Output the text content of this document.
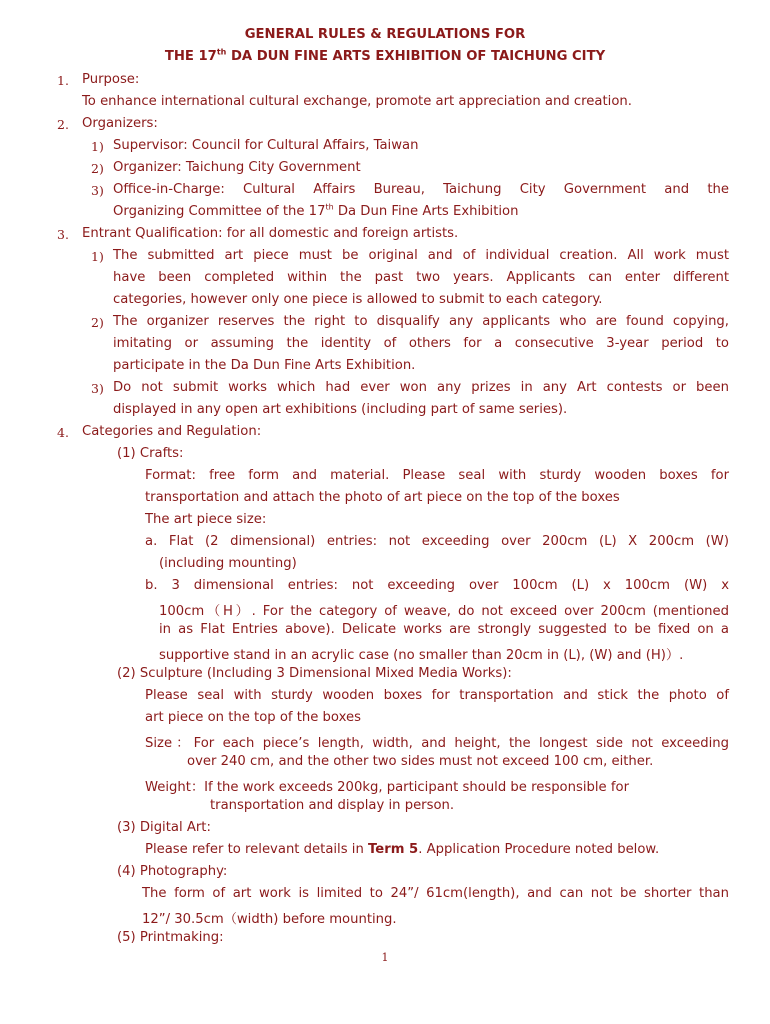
GENERAL RULES & REGULATIONS FOR
THE 17th DA DUN FINE ARTS EXHIBITION OF TAICHUNG CITY
1. Purpose:
To enhance international cultural exchange, promote art appreciation and creation.
2. Organizers:
1) Supervisor: Council for Cultural Affairs, Taiwan
2) Organizer: Taichung City Government
3) Office-in-Charge: Cultural Affairs Bureau, Taichung City Government and the
Organizing Committee of the 17th Da Dun Fine Arts Exhibition
3. Entrant Qualification: for all domestic and foreign artists.
1) The submitted art piece must be original and of individual creation. All work must
have been completed within the past two years. Applicants can enter different
categories, however only one piece is allowed to submit to each category.
2) The organizer reserves the right to disqualify any applicants who are found copying,
imitating or assuming the identity of others for a consecutive 3-year period to
participate in the Da Dun Fine Arts Exhibition.
3) Do not submit works which had ever won any prizes in any Art contests or been
displayed in any open art exhibitions (including part of same series).
4. Categories and Regulation:
(1) Crafts:
Format: free form and material. Please seal with sturdy wooden boxes for
transportation and attach the photo of art piece on the top of the boxes
The art piece size:
a. Flat (2 dimensional) entries: not exceeding over 200cm (L) X 200cm (W)
(including mounting)
b. 3 dimensional entries: not exceeding over 100cm (L) x 100cm (W) x
100cm（H）. For the category of weave, do not exceed over 200cm (mentioned
in as Flat Entries above). Delicate works are strongly suggested to be fixed on a
supportive stand in an acrylic case (no smaller than 20cm in (L), (W) and (H)）.
(2) Sculpture (Including 3 Dimensional Mixed Media Works):
Please seal with sturdy wooden boxes for transportation and stick the photo of
art piece on the top of the boxes
Size：For each piece’s length, width, and height, the longest side not exceeding
over 240 cm, and the other two sides must not exceed 100 cm, either.
Weight：If the work exceeds 200kg, participant should be responsible for
transportation and display in person.
(3) Digital Art:
Please refer to relevant details in Term 5. Application Procedure noted below.
(4) Photography:
The form of art work is limited to 24”/ 61cm(length), and can not be shorter than
12”/ 30.5cm（width) before mounting.
(5) Printmaking:
1
